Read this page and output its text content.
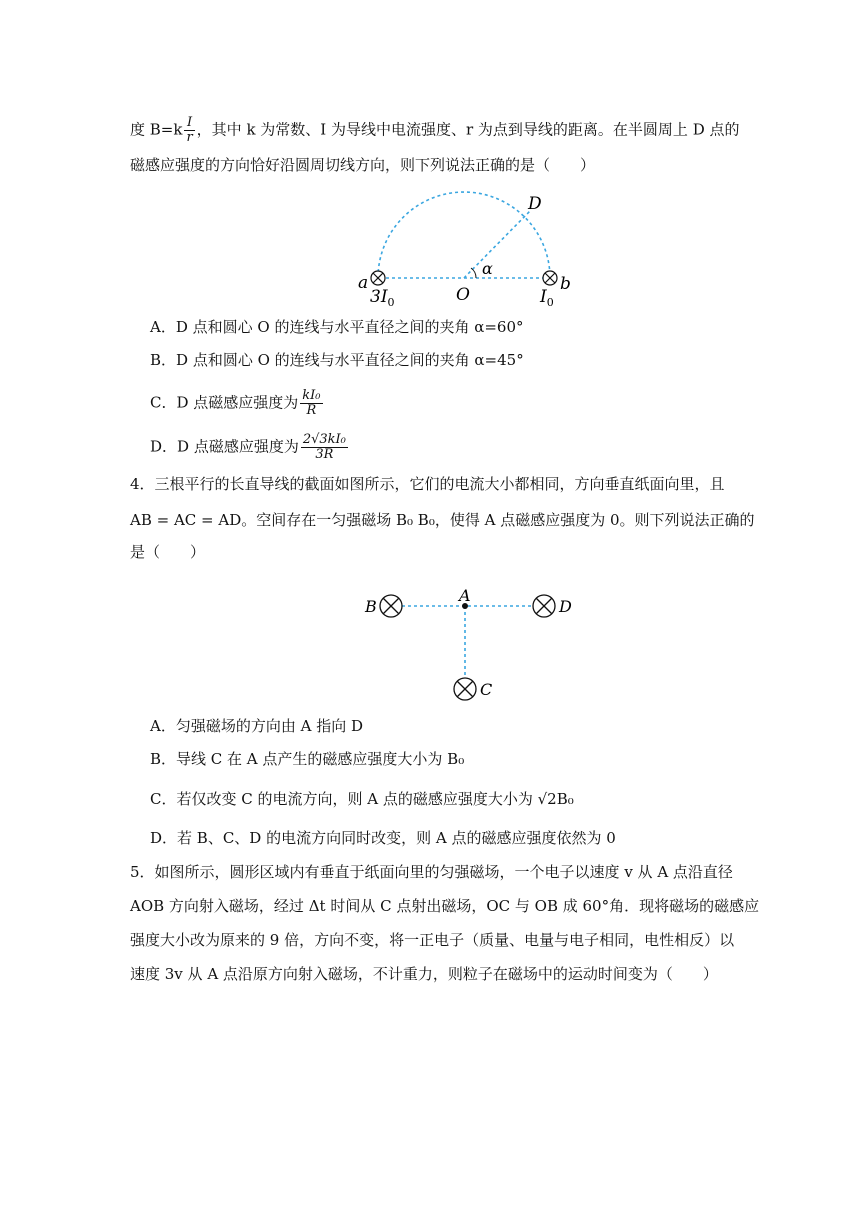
度 $B=k \frac{I}{r}$ ，其中 k 为常数、I 为导线中电流强度、r 为点到导线的距离。在半圆周上 D 点的
磁感应强度的方向恰好沿圆周切线方向，则下列说法正确的是（　　）
a	b
O
D
α
$3I_0$	$I_0$
A．D 点和圆心 O 的连线与水平直径之间的夹角 α=60°
B．D 点和圆心 O 的连线与水平直径之间的夹角 α=45°
C．D 点磁感应强度为 $\frac{\text{kI₀}}{R}$
D．D 点磁感应强度为 $\frac{\text{2√3kI₀}}{3R}$
4．三根平行的长直导线的截面如图所示，它们的电流大小都相同，方向垂直纸面向里，且
AB = AC = AD。空间存在一匀强磁场 B₀ B₀，使得 A 点磁感应强度为 0。则下列说法正确的
是（　　）
A
B	D
C
A．匀强磁场的方向由 A 指向 D
B．导线 C 在 A 点产生的磁感应强度大小为 B₀
C．若仅改变 C 的电流方向，则 A 点的磁感应强度大小为 √2B₀
D．若 B、C、D 的电流方向同时改变，则 A 点的磁感应强度依然为 0
5．如图所示，圆形区域内有垂直于纸面向里的匀强磁场，一个电子以速度 v 从 A 点沿直径
AOB 方向射入磁场，经过 Δt 时间从 C 点射出磁场，OC 与 OB 成 60°角．现将磁场的磁感应
强度大小改为原来的 9 倍，方向不变，将一正电子（质量、电量与电子相同，电性相反）以
速度 3v 从 A 点沿原方向射入磁场，不计重力，则粒子在磁场中的运动时间变为（　　）
